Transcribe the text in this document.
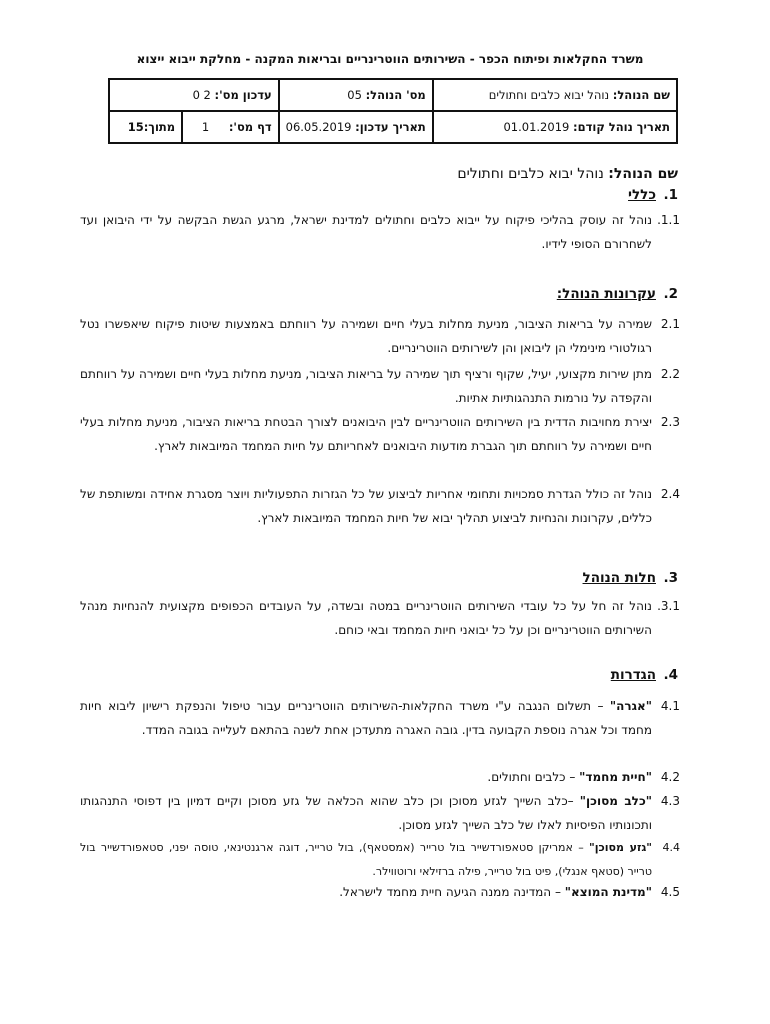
משרד החקלאות ופיתוח הכפר - השירותים הווטרינריים ובריאות המקנה - מחלקת ייבוא ייצוא
שם הנוהל: נוהל יבוא כלבים וחתולים	מס' הנוהל: 05	עדכון מס': 2 0	
תאריך נוהל קודם: 01.01.2019	תאריך עדכון: 06.05.2019	דף מס': 1	מתוך:15
שם הנוהל: נוהל יבוא כלבים וחתולים
1.כללי
1.1.
נוהל זה עוסק בהליכי פיקוח על ייבוא כלבים וחתולים למדינת ישראל, מרגע הגשת הבקשה על ידי היבואן ועד לשחרורם הסופי לידיו.
2.עקרונות הנוהל:
2.1
שמירה על בריאות הציבור, מניעת מחלות בעלי חיים ושמירה על רווחתם באמצעות שיטות פיקוח שיאפשרו נטל רגולטורי מינימלי הן ליבואן והן לשירותים הווטרינריים.
2.2
מתן שירות מקצועי, יעיל, שקוף ורציף תוך שמירה על בריאות הציבור, מניעת מחלות בעלי חיים ושמירה על רווחתם והקפדה על נורמות התנהגותיות אתיות.
2.3
יצירת מחויבות הדדית בין השירותים הווטרינריים לבין היבואנים לצורך הבטחת בריאות הציבור, מניעת מחלות בעלי חיים ושמירה על רווחתם תוך הגברת מודעות היבואנים לאחריותם על חיות המחמד המיובאות לארץ.
2.4
נוהל זה כולל הגדרת סמכויות ותחומי אחריות לביצוע של כל הגזרות התפעוליות ויוצר מסגרת אחידה ומשותפת של כללים, עקרונות והנחיות לביצוע תהליך יבוא של חיות המחמד המיובאות לארץ.
3.חלות הנוהל
3.1.
נוהל זה חל על כל עובדי השירותים הווטרינריים במטה ובשדה, על העובדים הכפופים מקצועית להנחיות מנהל השירותים הווטרינריים וכן על כל יבואני חיות המחמד ובאי כוחם.
4.הגדרות
4.1
"אגרה" – תשלום הנגבה ע"י משרד החקלאות-השירותים הווטרינריים עבור טיפול והנפקת רישיון ליבוא חיות מחמד וכל אגרה נוספת הקבועה בדין. גובה האגרה מתעדכן אחת לשנה בהתאם לעלייה בגובה המדד.
4.2
"חיית מחמד" – כלבים וחתולים.
4.3
"כלב מסוכן" –כלב השייך לגזע מסוכן וכן כלב שהוא הכלאה של גזע מסוכן וקיים דמיון בין דפוסי התנהגותו ותכונותיו הפיסיות לאלו של כלב השייך לגזע מסוכן.
4.4
"גזע מסוכן" – אמריקן סטאפורדשייר בול טרייר (אמסטאף), בול טרייר, דוגה ארגנטינאי, טוסה יפני, סטאפורדשייר בול טרייר (סטאף אנגלי), פיט בול טרייר, פילה ברזילאי ורוטווילר.
4.5
"מדינת המוצא" – המדינה ממנה הגיעה חיית מחמד לישראל.
